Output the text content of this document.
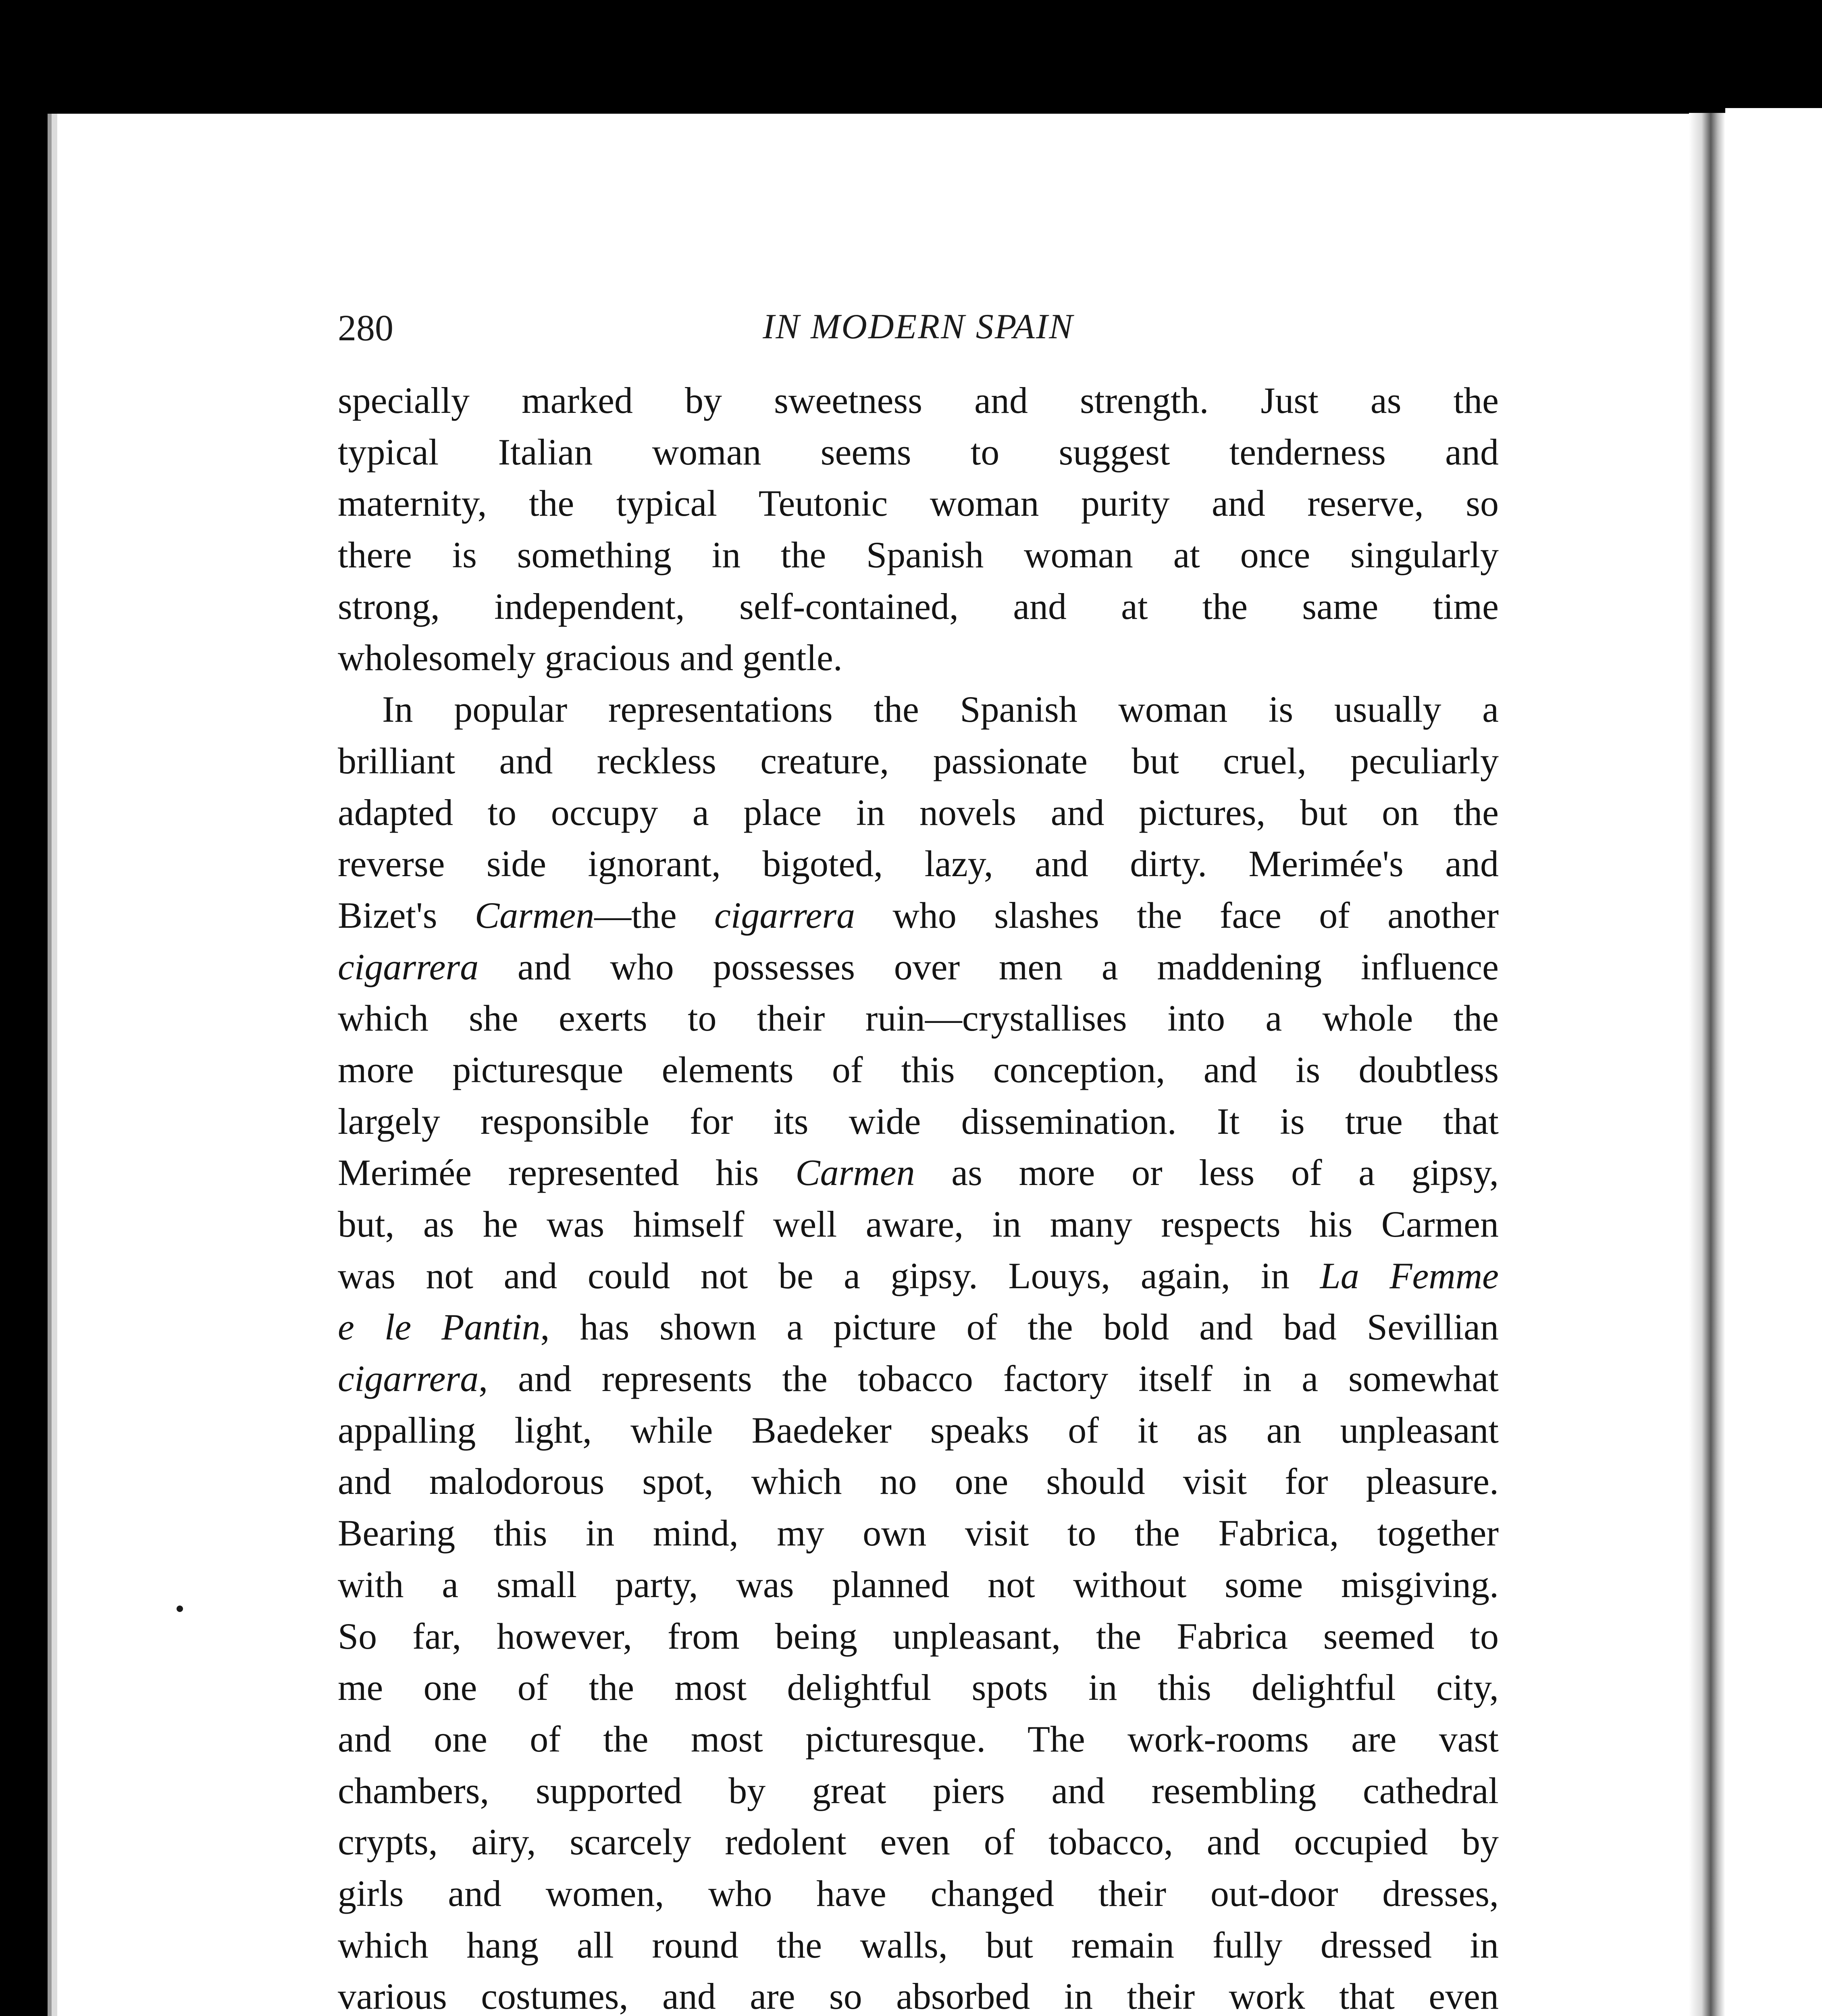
280	IN MODERN SPAIN
specially marked by sweetness and strength. Just as the
typical Italian woman seems to suggest tenderness and
maternity, the typical Teutonic woman purity and reserve, so
there is something in the Spanish woman at once singularly
strong, independent, self-contained, and at the same time
wholesomely gracious and gentle.
In popular representations the Spanish woman is usually a
brilliant and reckless creature, passionate but cruel, peculiarly
adapted to occupy a place in novels and pictures, but on the
reverse side ignorant, bigoted, lazy, and dirty. Merimée's and
Bizet's Carmen—the cigarrera who slashes the face of another
cigarrera and who possesses over men a maddening influence
which she exerts to their ruin—crystallises into a whole the
more picturesque elements of this conception, and is doubtless
largely responsible for its wide dissemination. It is true that
Merimée represented his Carmen as more or less of a gipsy,
but, as he was himself well aware, in many respects his Carmen
was not and could not be a gipsy. Louys, again, in La Femme
e le Pantin, has shown a picture of the bold and bad Sevillian
cigarrera, and represents the tobacco factory itself in a somewhat
appalling light, while Baedeker speaks of it as an unpleasant
and malodorous spot, which no one should visit for pleasure.
Bearing this in mind, my own visit to the Fabrica, together
with a small party, was planned not without some misgiving.
So far, however, from being unpleasant, the Fabrica seemed to
me one of the most delightful spots in this delightful city,
and one of the most picturesque. The work-rooms are vast
chambers, supported by great piers and resembling cathedral
crypts, airy, scarcely redolent even of tobacco, and occupied by
girls and women, who have changed their out-door dresses,
which hang all round the walls, but remain fully dressed in
various costumes, and are so absorbed in their work that even
